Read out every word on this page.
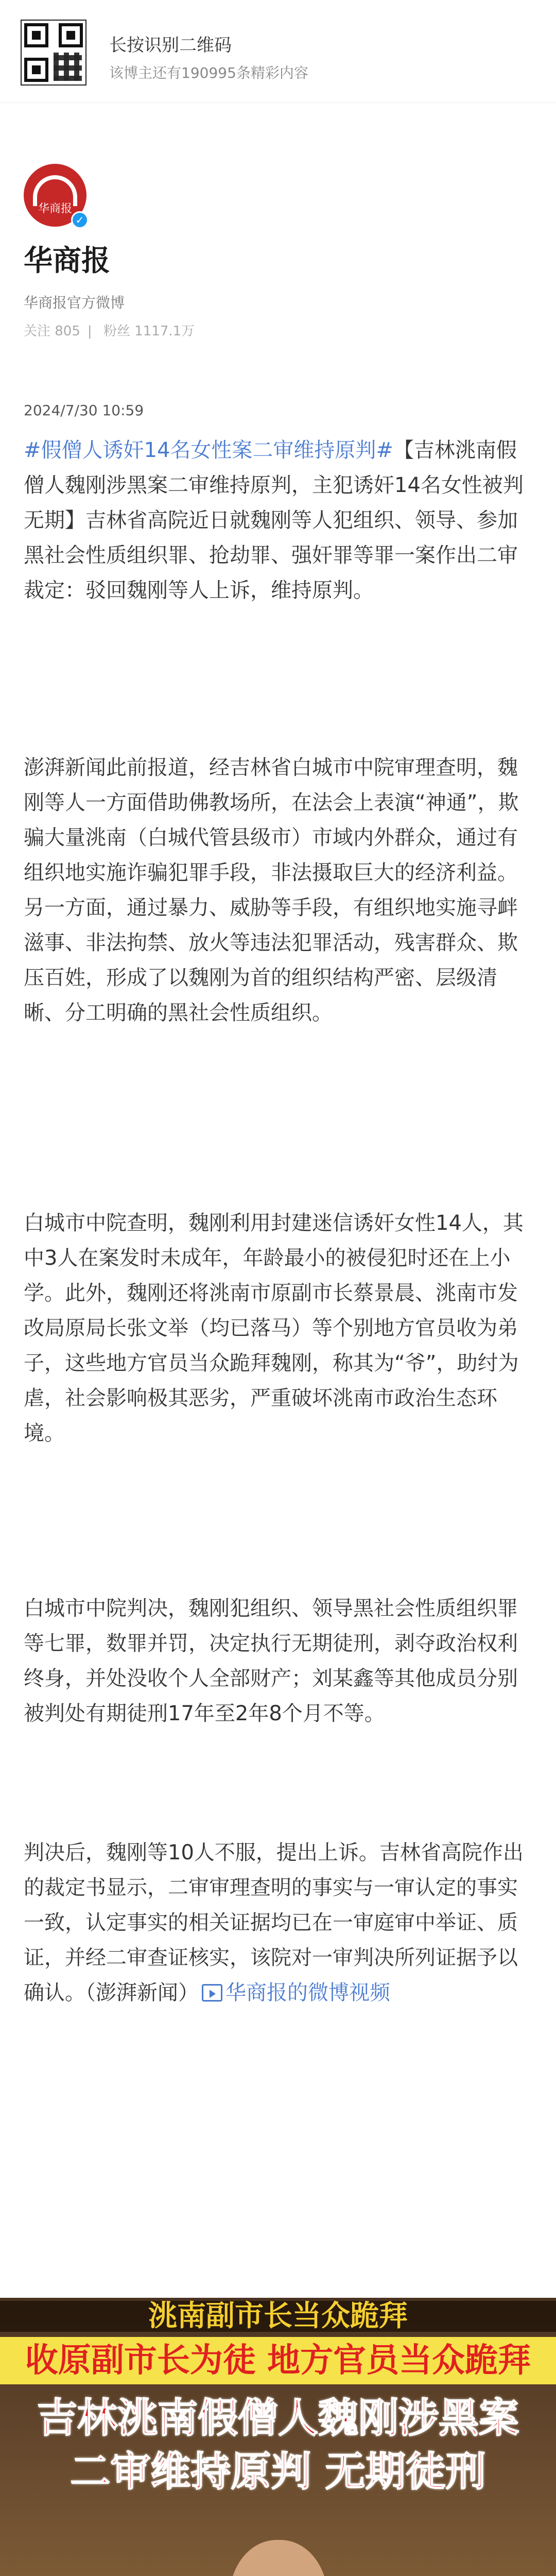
长按识别二维码
该博主还有190995条精彩内容
华商报
✓
华商报
华商报官方微博
关注 805 | 粉丝 1117.1万
2024/7/30 10:59
#假僧人诱奸14名女性案二审维持原判#【吉林洮南假僧人魏刚涉黑案二审维持原判，主犯诱奸14名女性被判无期】吉林省高院近日就魏刚等人犯组织、领导、参加黑社会性质组织罪、抢劫罪、强奸罪等罪一案作出二审裁定：驳回魏刚等人上诉，维持原判。
澎湃新闻此前报道，经吉林省白城市中院审理查明，魏刚等人一方面借助佛教场所，在法会上表演“神通”，欺骗大量洮南（白城代管县级市）市域内外群众，通过有组织地实施诈骗犯罪手段，非法摄取巨大的经济利益。另一方面，通过暴力、威胁等手段，有组织地实施寻衅滋事、非法拘禁、放火等违法犯罪活动，残害群众、欺压百姓，形成了以魏刚为首的组织结构严密、层级清晰、分工明确的黑社会性质组织。
白城市中院查明，魏刚利用封建迷信诱奸女性14人，其中3人在案发时未成年，年龄最小的被侵犯时还在上小学。此外，魏刚还将洮南市原副市长蔡景晨、洮南市发改局原局长张文举（均已落马）等个别地方官员收为弟子，这些地方官员当众跪拜魏刚，称其为“爷”，助纣为虐，社会影响极其恶劣，严重破坏洮南市政治生态环境。
白城市中院判决，魏刚犯组织、领导黑社会性质组织罪等七罪，数罪并罚，决定执行无期徒刑，剥夺政治权利终身，并处没收个人全部财产；刘某鑫等其他成员分别被判处有期徒刑17年至2年8个月不等。
判决后，魏刚等10人不服，提出上诉。吉林省高院作出的裁定书显示，二审审理查明的事实与一审认定的事实一致，认定事实的相关证据均已在一审庭审中举证、质证，并经二审查证核实，该院对一审判决所列证据予以确认。（澎湃新闻） 华商报的微博视频
洮南副市长当众跪拜
收原副市长为徒 地方官员当众跪拜
吉林洮南假僧人魏刚涉黑案
二审维持原判 无期徒刑
